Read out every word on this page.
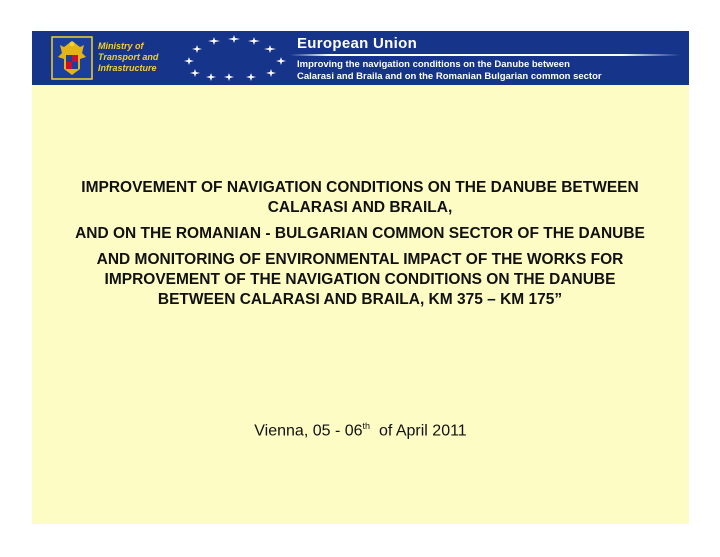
Ministry of
Transport and
Infrastructure
European Union
Improving the navigation conditions on the Danube between
Calarasi and Braila and on the Romanian Bulgarian common sector

IMPROVEMENT OF NAVIGATION CONDITIONS ON THE DANUBE BETWEEN CALARASI AND BRAILA,

AND ON THE ROMANIAN - BULGARIAN COMMON SECTOR OF THE DANUBE

AND MONITORING OF ENVIRONMENTAL IMPACT OF THE WORKS FOR IMPROVEMENT OF THE NAVIGATION CONDITIONS ON THE DANUBE BETWEEN CALARASI AND BRAILA, KM 375 – KM 175”

Vienna, 05 - 06th  of April 2011
